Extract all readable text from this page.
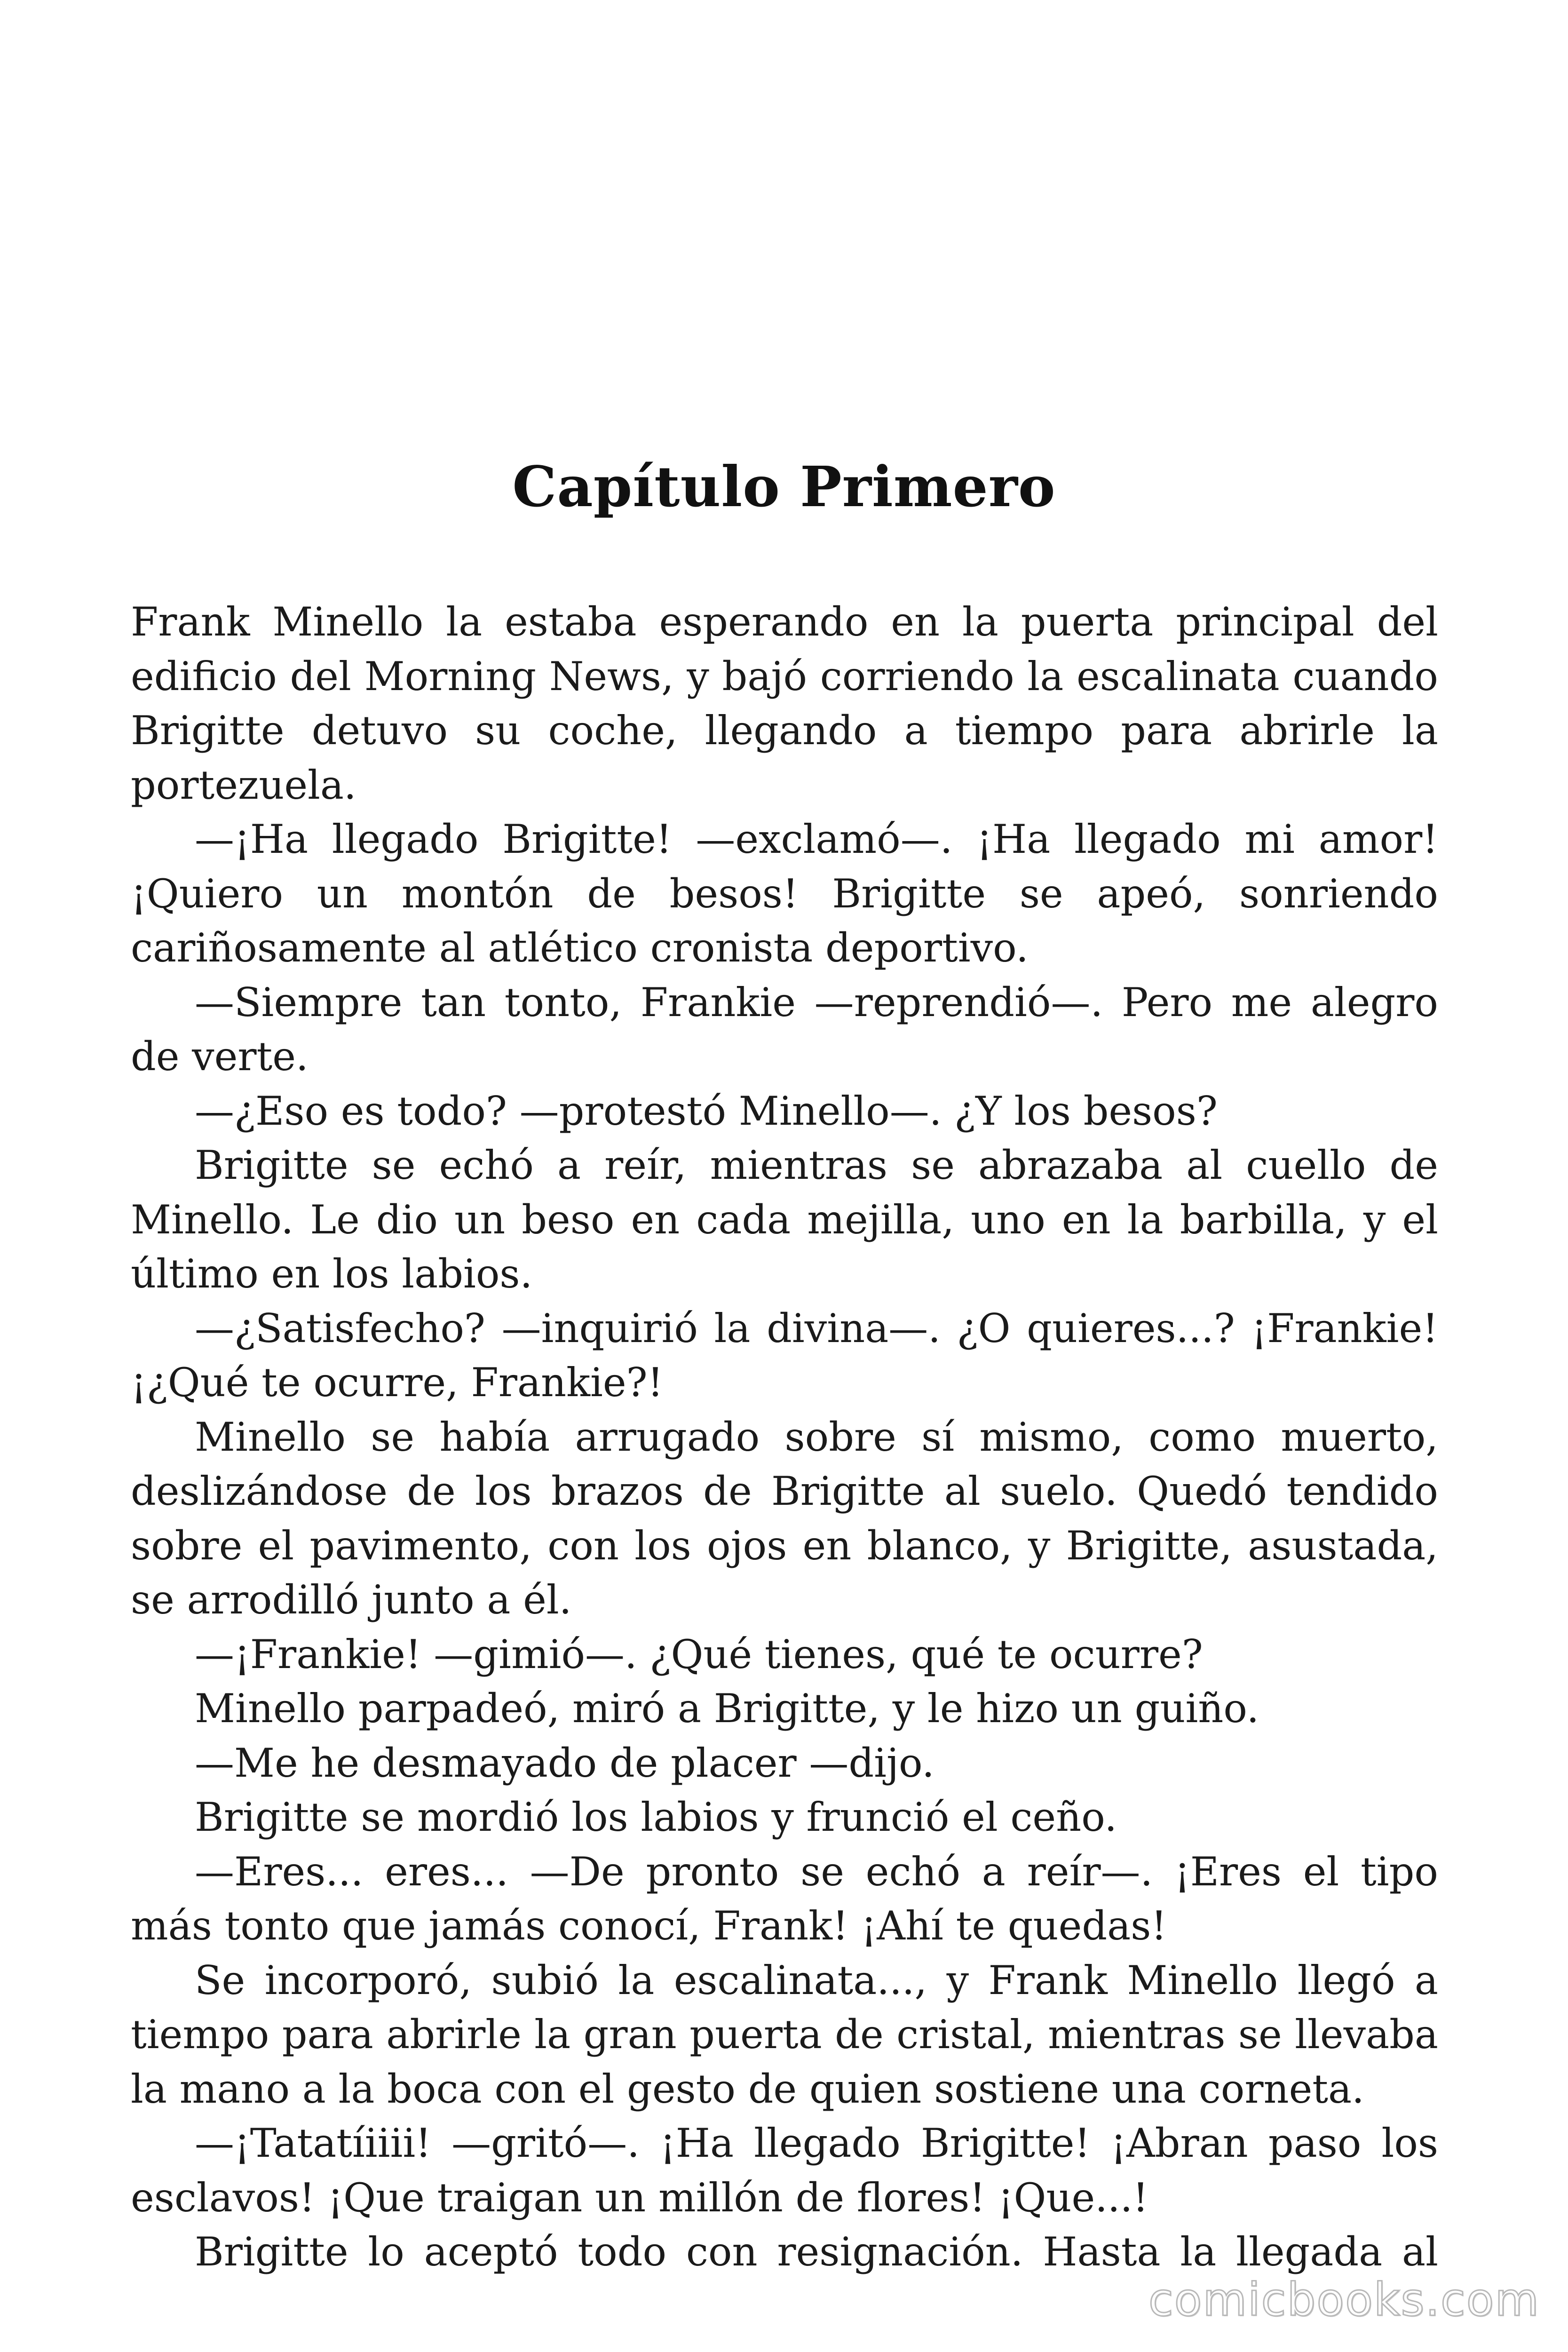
Capítulo Primero

Frank Minello la estaba esperando en la puerta principal del edificio del Morning News, y bajó corriendo la escalinata cuando Brigitte detuvo su coche, llegando a tiempo para abrirle la portezuela.

—¡Ha llegado Brigitte! —exclamó—. ¡Ha llegado mi amor! ¡Quiero un montón de besos! Brigitte se apeó, sonriendo cariñosamente al atlético cronista deportivo.

—Siempre tan tonto, Frankie —reprendió—. Pero me alegro de verte.

—¿Eso es todo? —protestó Minello—. ¿Y los besos?

Brigitte se echó a reír, mientras se abrazaba al cuello de Minello. Le dio un beso en cada mejilla, uno en la barbilla, y el último en los labios.

—¿Satisfecho? —inquirió la divina—. ¿O quieres...? ¡Frankie! ¡¿Qué te ocurre, Frankie?!

Minello se había arrugado sobre sí mismo, como muerto, deslizándose de los brazos de Brigitte al suelo. Quedó tendido sobre el pavimento, con los ojos en blanco, y Brigitte, asustada, se arrodilló junto a él.

—¡Frankie! —gimió—. ¿Qué tienes, qué te ocurre?

Minello parpadeó, miró a Brigitte, y le hizo un guiño.

—Me he desmayado de placer —dijo.

Brigitte se mordió los labios y frunció el ceño.

—Eres... eres... —De pronto se echó a reír—. ¡Eres el tipo más tonto que jamás conocí, Frank! ¡Ahí te quedas!

Se incorporó, subió la escalinata..., y Frank Minello llegó a tiempo para abrirle la gran puerta de cristal, mientras se llevaba la mano a la boca con el gesto de quien sostiene una corneta.

—¡Tatatíiiii! —gritó—. ¡Ha llegado Brigitte! ¡Abran paso los esclavos! ¡Que traigan un millón de flores! ¡Que...!

Brigitte lo aceptó todo con resignación. Hasta la llegada al

comicbooks.com
